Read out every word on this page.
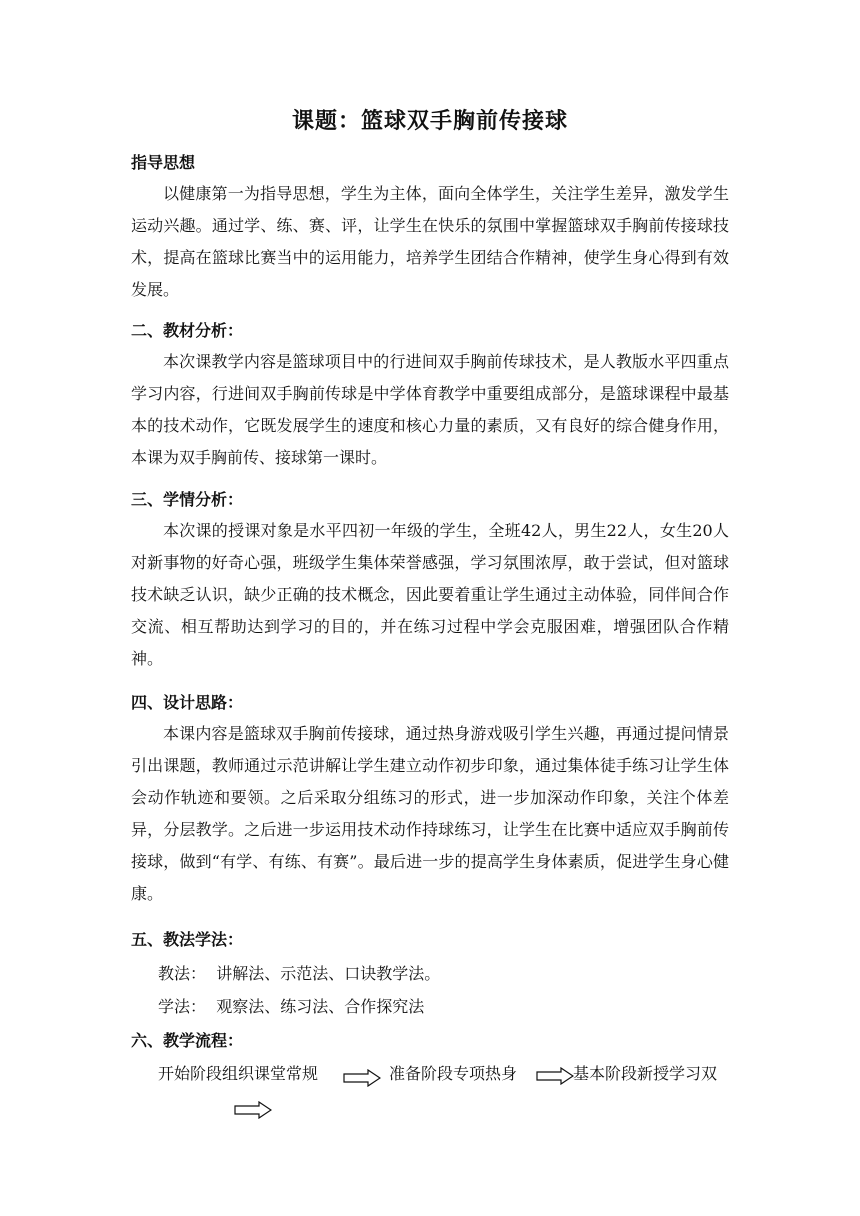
课题：篮球双手胸前传接球
指导思想
以健康第一为指导思想，学生为主体，面向全体学生，关注学生差异，激发学生运动兴趣。通过学、练、赛、评，让学生在快乐的氛围中掌握篮球双手胸前传接球技术，提高在篮球比赛当中的运用能力，培养学生团结合作精神，使学生身心得到有效发展。
二、教材分析：
本次课教学内容是篮球项目中的行进间双手胸前传球技术，是人教版水平四重点学习内容，行进间双手胸前传球是中学体育教学中重要组成部分，是篮球课程中最基本的技术动作，它既发展学生的速度和核心力量的素质，又有良好的综合健身作用，本课为双手胸前传、接球第一课时。
三、学情分析：
本次课的授课对象是水平四初一年级的学生，全班42人，男生22人，女生20人对新事物的好奇心强，班级学生集体荣誉感强，学习氛围浓厚，敢于尝试，但对篮球技术缺乏认识，缺少正确的技术概念，因此要着重让学生通过主动体验，同伴间合作交流、相互帮助达到学习的目的，并在练习过程中学会克服困难，增强团队合作精神。
四、设计思路：
本课内容是篮球双手胸前传接球，通过热身游戏吸引学生兴趣，再通过提问情景引出课题，教师通过示范讲解让学生建立动作初步印象，通过集体徒手练习让学生体会动作轨迹和要领。之后采取分组练习的形式，进一步加深动作印象，关注个体差异，分层教学。之后进一步运用技术动作持球练习，让学生在比赛中适应双手胸前传接球，做到“有学、有练、有赛”。最后进一步的提高学生身体素质，促进学生身心健康。
五、教法学法：
教法： 讲解法、示范法、口诀教学法。
学法： 观察法、练习法、合作探究法
六、教学流程：
开始阶段组织课堂常规	准备阶段专项热身	基本阶段新授学习双
